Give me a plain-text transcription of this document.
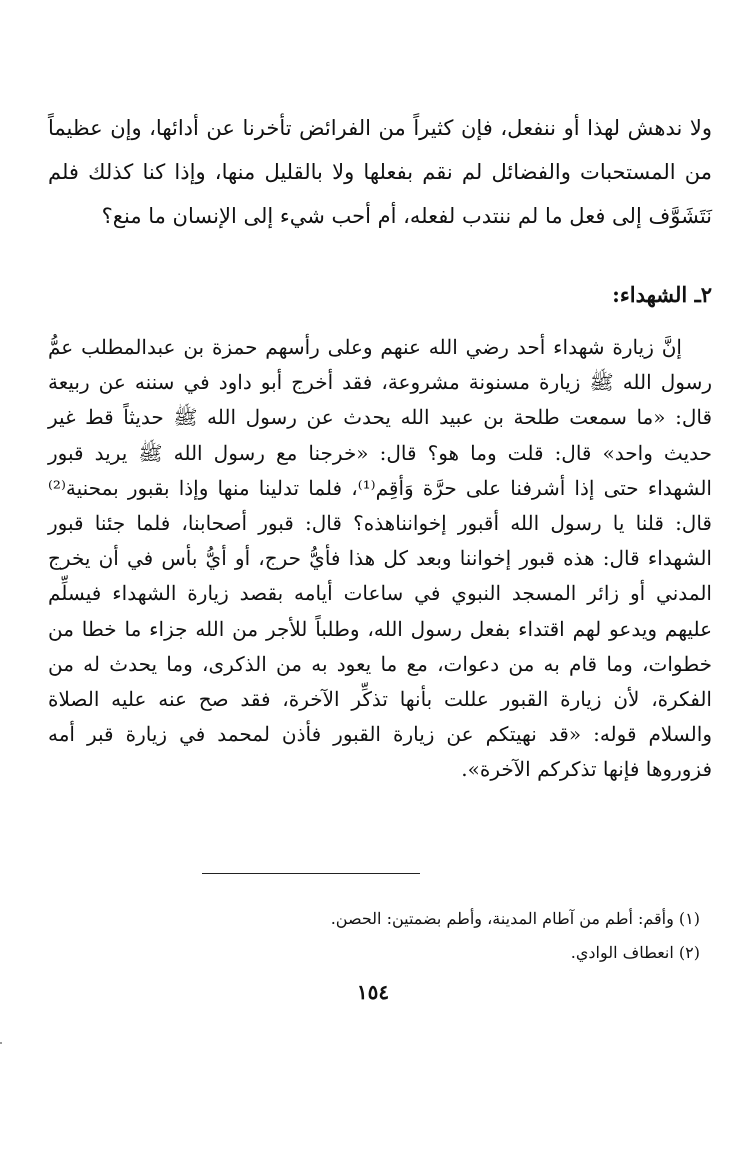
ولا ندهش لهذا أو ننفعل، فإن كثيراً من الفرائض تأخرنا عن أدائها، وإن عظيماً من المستحبات والفضائل لم نقم بفعلها ولا بالقليل منها، وإذا كنا كذلك فلم نَتَشَوَّف إلى فعل ما لم ننتدب لفعله، أم أحب شيء إلى الإنسان ما منع؟

٢ـ الشهداء:

إنَّ زيارة شهداء أحد رضي الله عنهم وعلى رأسهم حمزة بن عبدالمطلب عمُّ رسول الله ﷺ زيارة مسنونة مشروعة، فقد أخرج أبو داود في سننه عن ربيعة قال: «ما سمعت طلحة بن عبيد الله يحدث عن رسول الله ﷺ حديثاً قط غير حديث واحد» قال: قلت وما هو؟ قال: «خرجنا مع رسول الله ﷺ يريد قبور الشهداء حتى إذا أشرفنا على حرَّة وَأقِم⁽¹⁾، فلما تدلينا منها وإذا بقبور بمحنية⁽²⁾ قال: قلنا يا رسول الله أقبور إخوانناهذه؟ قال: قبور أصحابنا، فلما جئنا قبور الشهداء قال: هذه قبور إخواننا وبعد كل هذا فأيُّ حرج، أو أيُّ بأس في أن يخرج المدني أو زائر المسجد النبوي في ساعات أيامه بقصد زيارة الشهداء فيسلِّم عليهم ويدعو لهم اقتداء بفعل رسول الله، وطلباً للأجر من الله جزاء ما خطا من خطوات، وما قام به من دعوات، مع ما يعود به من الذكرى، وما يحدث له من الفكرة، لأن زيارة القبور عللت بأنها تذكِّر الآخرة، فقد صح عنه عليه الصلاة والسلام قوله: «قد نهيتكم عن زيارة القبور فأذن لمحمد في زيارة قبر أمه فزوروها فإنها تذكركم الآخرة».

(١) وأقم: أطم من آطام المدينة، وأطم بضمتين: الحصن.
(٢) انعطاف الوادي.
١٥٤
